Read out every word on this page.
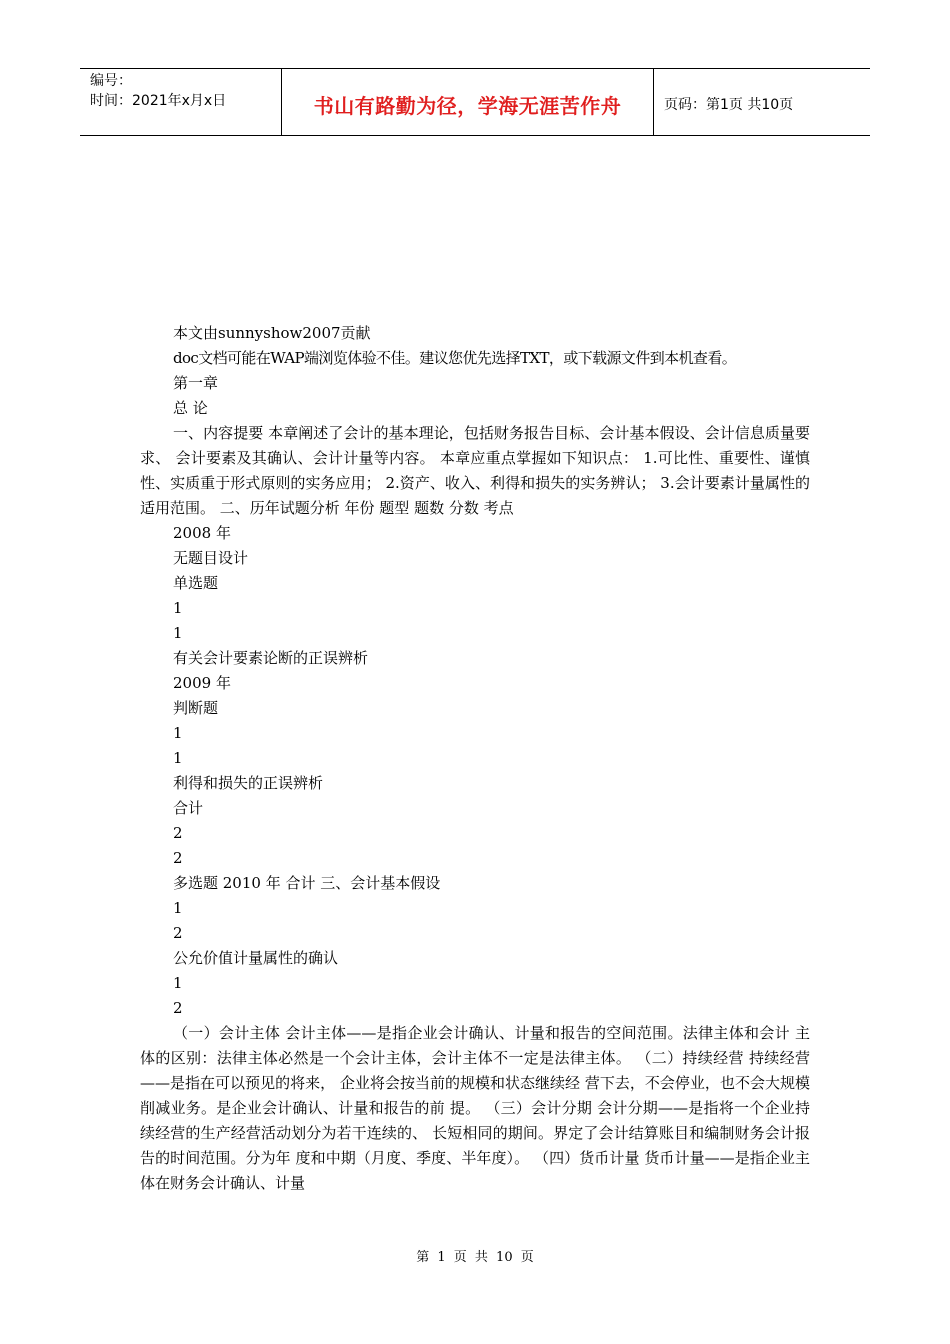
编号：
时间：2021年x月x日	书山有路勤为径，学海无涯苦作舟	页码：第1页 共10页

本文由sunnyshow2007贡献

doc文档可能在WAP端浏览体验不佳。建议您优先选择TXT，或下载源文件到本机查看。

第一章

总 论

一、内容提要 本章阐述了会计的基本理论，包括财务报告目标、会计基本假设、会计信息质量要求、 会计要素及其确认、会计计量等内容。 本章应重点掌握如下知识点： 1.可比性、重要性、谨慎性、实质重于形式原则的实务应用； 2.资产、收入、利得和损失的实务辨认； 3.会计要素计量属性的适用范围。 二、历年试题分析 年份 题型 题数 分数 考点

2008 年

无题目设计

单选题

1

1

有关会计要素论断的正误辨析

2009 年

判断题

1

1

利得和损失的正误辨析

合计

2

2

多选题 2010 年 合计 三、会计基本假设

1

2

公允价值计量属性的确认

1

2

（一）会计主体 会计主体——是指企业会计确认、计量和报告的空间范围。法律主体和会计 主体的区别：法律主体必然是一个会计主体，会计主体不一定是法律主体。 （二）持续经营 持续经营——是指在可以预见的将来， 企业将会按当前的规模和状态继续经 营下去，不会停业，也不会大规模削减业务。是企业会计确认、计量和报告的前 提。 （三）会计分期 会计分期——是指将一个企业持续经营的生产经营活动划分为若干连续的、 长短相同的期间。界定了会计结算账目和编制财务会计报告的时间范围。分为年 度和中期（月度、季度、半年度）。 （四）货币计量 货币计量——是指企业主体在财务会计确认、计量

第 1 页 共 10 页
